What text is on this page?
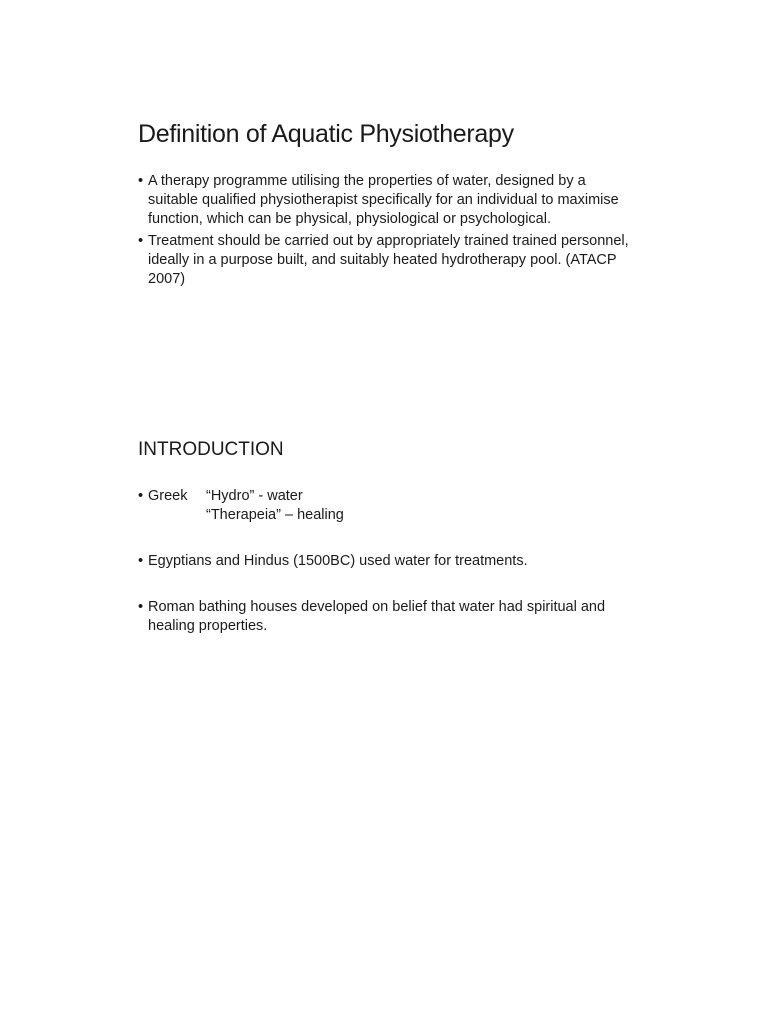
Definition of Aquatic Physiotherapy
• A therapy programme utilising the properties of water, designed by a suitable qualified physiotherapist specifically for an individual to maximise function, which can be physical, physiological or psychological.
• Treatment should be carried out by appropriately trained trained personnel, ideally in a purpose built, and suitably heated hydrotherapy pool. (ATACP 2007)
INTRODUCTION
• Greek “Hydro” - water
“Therapeia” – healing
• Egyptians and Hindus (1500BC) used water for treatments.
• Roman bathing houses developed on belief that water had spiritual and healing properties.
